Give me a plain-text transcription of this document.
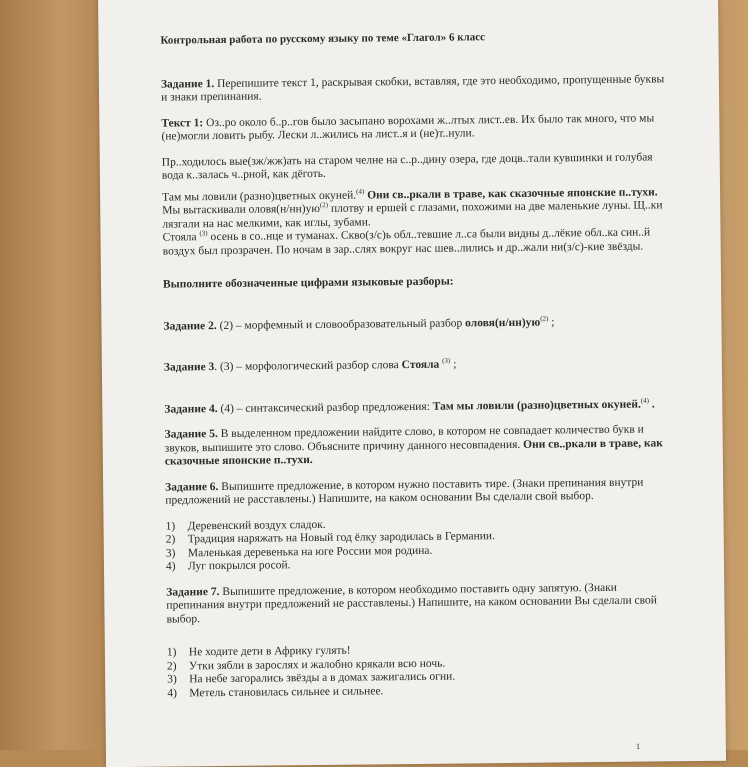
Контрольная работа по русскому языку по теме «Глагол» 6 класс

Задание 1. Перепишите текст 1, раскрывая скобки, вставляя, где это необходимо, пропущенные буквы и знаки препинания.

Текст 1: Оз..ро около б..р..гов было засыпано ворохами ж..лтых лист..ев. Их было так много, что мы (не)могли ловить рыбу. Лески л..жились на лист..я и (не)т..нули.

Пр..ходилось вые(зж/жж)ать на старом челне на с..р..дину озера, где доцв..тали кувшинки и голубая вода к..залась ч..рной, как дёготь.

Там мы ловили (разно)цветных окуней.$^{(4)}$ Они св..ркали в траве, как сказочные японские п..тухи. Мы вытаскивали $оловя(н/нн)ую^{(2)}$ плотву и ершей с глазами, похожими на две маленькие луны. Щ..ки лязгали на нас мелкими, как иглы, зубами.
Стояла $^{(3)}$ осень в со..нце и туманах. Скво(з/с)ь обл..тевшие л..са были видны д..лёкие обл..ка син..й воздух был прозрачен. По ночам в зар..слях вокруг нас шев..лились и др..жали ни(з/с)-кие звёзды.

Выполните обозначенные цифрами языковые разборы:

Задание 2. (2) – морфемный и словообразовательный разбор $оловя(н/нн)ую^{(2)}$ ;

Задание 3. (3) – морфологический разбор слова Стояла $^{(3)}$ ;

Задание 4. (4) – синтаксический разбор предложения: Там мы ловили (разно)цветных окуней.$^{(4)}$ .

Задание 5. В выделенном предложении найдите слово, в котором не совпадает количество букв и звуков, выпишите это слово. Объясните причину данного несовпадения. Они св..ркали в траве, как сказочные японские п..тухи.

Задание 6. Выпишите предложение, в котором нужно поставить тире. (Знаки препинания внутри предложений не расставлены.) Напишите, на каком основании Вы сделали свой выбор.

1)	Деревенский воздух сладок.
2)	Традиция наряжать на Новый год ёлку зародилась в Германии.
3)	Маленькая деревенька на юге России моя родина.
4)	Луг покрылся росой.

Задание 7. Выпишите предложение, в котором необходимо поставить одну запятую. (Знаки препинания внутри предложений не расставлены.) Напишите, на каком основании Вы сделали свой выбор.

1)	Не ходите дети в Африку гулять!
2)	Утки зябли в зарослях и жалобно крякали всю ночь.
3)	На небе загорались звёзды а в домах зажигались огни.
4)	Метель становилась сильнее и сильнее.
1
